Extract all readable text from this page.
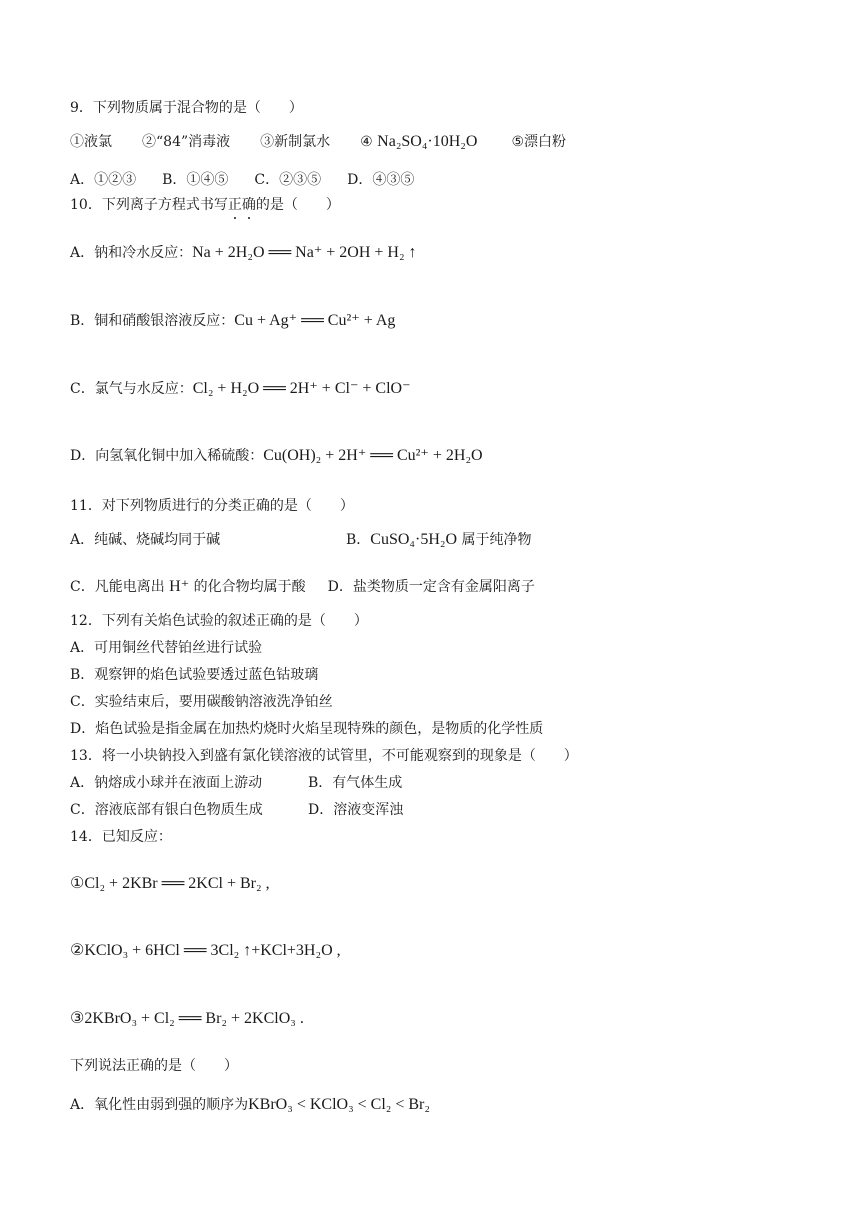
9．下列物质属于混合物的是（　　）
①液氯 ②“84”消毒液 ③新制氯水 ④ Na₂SO₄·10H₂O ⑤漂白粉
A．①②③ B．①④⑤ C．②③⑤ D．④③⑤
10．下列离子方程式书写正确的是（　　）
A．钠和冷水反应：Na + 2H₂O ══ Na⁺ + 2OH + H₂ ↑
B．铜和硝酸银溶液反应：Cu + Ag⁺ ══ Cu²⁺ + Ag
C．氯气与水反应：Cl₂ + H₂O ══ 2H⁺ + Cl⁻ + ClO⁻
D．向氢氧化铜中加入稀硫酸：Cu(OH)₂ + 2H⁺ ══ Cu²⁺ + 2H₂O
11．对下列物质进行的分类正确的是（　　）
A．纯碱、烧碱均同于碱	B．CuSO₄·5H₂O 属于纯净物
C．凡能电离出 H⁺ 的化合物均属于酸 D．盐类物质一定含有金属阳离子
12．下列有关焰色试验的叙述正确的是（　　）
A．可用铜丝代替铂丝进行试验
B．观察钾的焰色试验要透过蓝色钴玻璃
C．实验结束后，要用碳酸钠溶液洗净铂丝
D．焰色试验是指金属在加热灼烧时火焰呈现特殊的颜色，是物质的化学性质
13．将一小块钠投入到盛有氯化镁溶液的试管里，不可能观察到的现象是（　　）
A．钠熔成小球并在液面上游动	B．有气体生成
C．溶液底部有银白色物质生成	D．溶液变浑浊
14．已知反应：
①Cl₂ + 2KBr ══ 2KCl + Br₂ ,
②KClO₃ + 6HCl ══ 3Cl₂ ↑+KCl+3H₂O ,
③2KBrO₃ + Cl₂ ══ Br₂ + 2KClO₃ .
下列说法正确的是（　　）
A．氧化性由弱到强的顺序为KBrO₃ < KClO₃ < Cl₂ < Br₂
